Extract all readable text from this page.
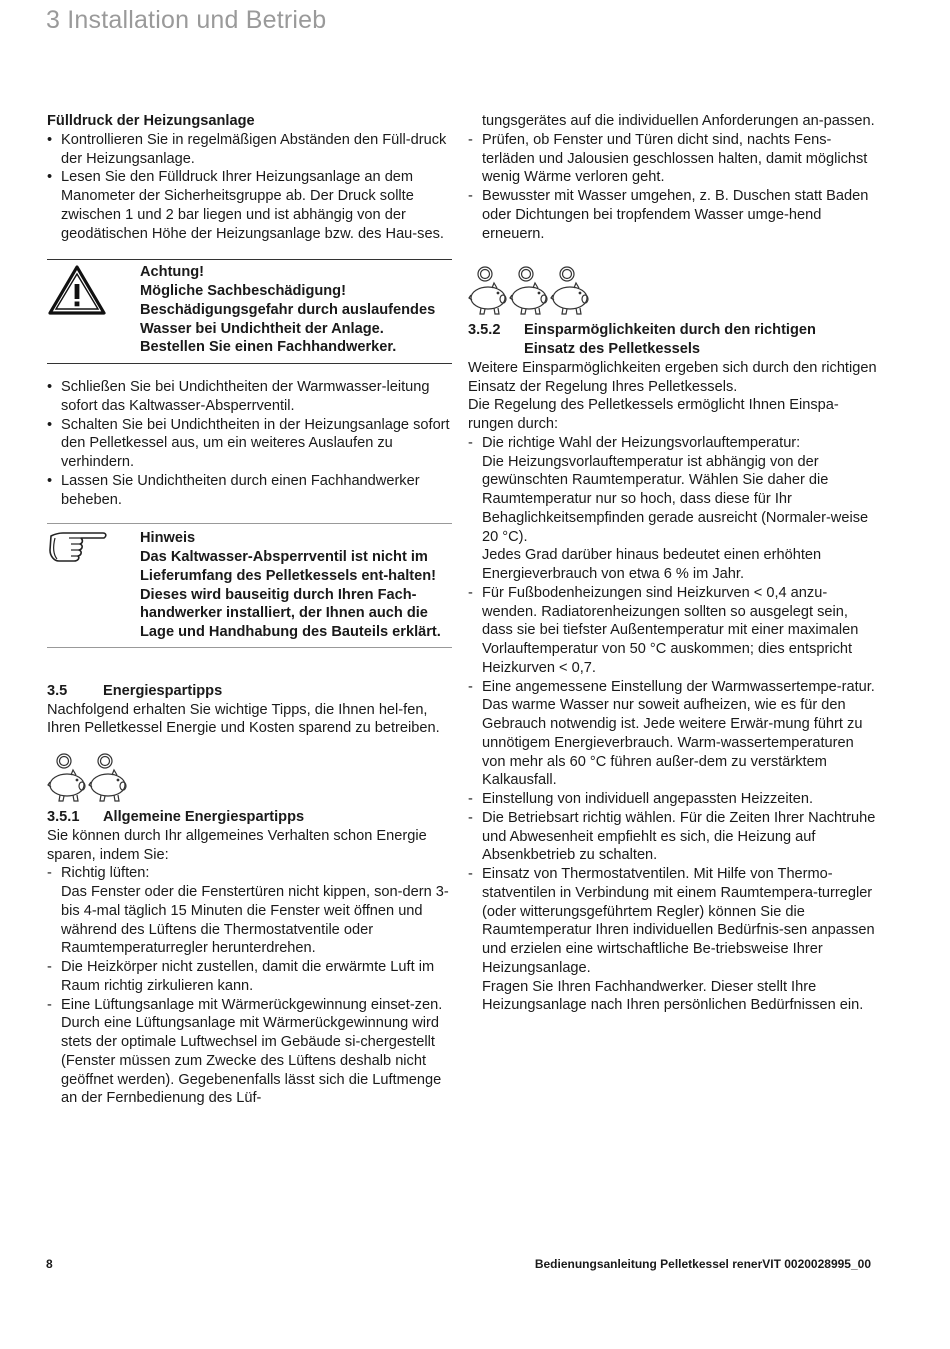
3 Installation und Betrieb

Fülldruck der Heizungsanlage

• Kontrollieren Sie in regelmäßigen Abständen den Füll-druck der Heizungsanlage.
• Lesen Sie den Fülldruck Ihrer Heizungsanlage an dem Manometer der Sicherheitsgruppe ab. Der Druck sollte zwischen 1 und 2 bar liegen und ist abhängig von der geodätischen Höhe der Heizungsanlage bzw. des Hau-ses.

Achtung!

Mögliche Sachbeschädigung!

Beschädigungsgefahr durch auslaufendes Wasser bei Undichtheit der Anlage. Bestellen Sie einen Fachhandwerker.

• Schließen Sie bei Undichtheiten der Warmwasser-leitung sofort das Kaltwasser-Absperrventil.
• Schalten Sie bei Undichtheiten in der Heizungsanlage sofort den Pelletkessel aus, um ein weiteres Auslaufen zu verhindern.
• Lassen Sie Undichtheiten durch einen Fachhandwerker beheben.

Hinweis

Das Kaltwasser-Absperrventil ist nicht im Lieferumfang des Pelletkessels ent-halten!

Dieses wird bauseitig durch Ihren Fach-handwerker installiert, der Ihnen auch die Lage und Handhabung des Bauteils erklärt.

3.5 Energiespartipps

Nachfolgend erhalten Sie wichtige Tipps, die Ihnen hel-fen, Ihren Pelletkessel Energie und Kosten sparend zu betreiben.

3.5.1 Allgemeine Energiespartipps

Sie können durch Ihr allgemeines Verhalten schon Energie sparen, indem Sie:

- Richtig lüften:
Das Fenster oder die Fenstertüren nicht kippen, son-dern 3- bis 4-mal täglich 15 Minuten die Fenster weit öffnen und während des Lüftens die Thermostatventile oder Raumtemperaturregler herunterdrehen.
- Die Heizkörper nicht zustellen, damit die erwärmte Luft im Raum richtig zirkulieren kann.
- Eine Lüftungsanlage mit Wärmerückgewinnung einset-zen.
Durch eine Lüftungsanlage mit Wärmerückgewinnung wird stets der optimale Luftwechsel im Gebäude si-chergestellt (Fenster müssen zum Zwecke des Lüftens deshalb nicht geöffnet werden). Gegebenenfalls lässt sich die Luftmenge an der Fernbedienung des Lüf-

tungsgerätes auf die individuellen Anforderungen an-passen.

- Prüfen, ob Fenster und Türen dicht sind, nachts Fens-terläden und Jalousien geschlossen halten, damit möglichst wenig Wärme verloren geht.
- Bewusster mit Wasser umgehen, z. B. Duschen statt Baden oder Dichtungen bei tropfendem Wasser umge-hend erneuern.
3.5.2 Einsparmöglichkeiten durch den richtigen
Einsatz des Pelletkessels

Weitere Einsparmöglichkeiten ergeben sich durch den richtigen Einsatz der Regelung Ihres Pelletkessels.

Die Regelung des Pelletkessels ermöglicht Ihnen Einspa-rungen durch:

- Die richtige Wahl der Heizungsvorlauftemperatur:
Die Heizungsvorlauftemperatur ist abhängig von der gewünschten Raumtemperatur. Wählen Sie daher die Raumtemperatur nur so hoch, dass diese für Ihr Behaglichkeitsempfinden gerade ausreicht (Normaler-weise 20 °C).
Jedes Grad darüber hinaus bedeutet einen erhöhten Energieverbrauch von etwa 6 % im Jahr.
- Für Fußbodenheizungen sind Heizkurven < 0,4 anzu-wenden. Radiatorenheizungen sollten so ausgelegt sein, dass sie bei tiefster Außentemperatur mit einer maximalen Vorlauftemperatur von 50 °C auskommen; dies entspricht Heizkurven < 0,7.
- Eine angemessene Einstellung der Warmwassertempe-ratur. Das warme Wasser nur soweit aufheizen, wie es für den Gebrauch notwendig ist. Jede weitere Erwär-mung führt zu unnötigem Energieverbrauch. Warm-wassertemperaturen von mehr als 60 °C führen außer-dem zu verstärktem Kalkausfall.
- Einstellung von individuell angepassten Heizzeiten.
- Die Betriebsart richtig wählen. Für die Zeiten Ihrer Nachtruhe und Abwesenheit empfiehlt es sich, die Heizung auf Absenkbetrieb zu schalten.
- Einsatz von Thermostatventilen. Mit Hilfe von Thermo-statventilen in Verbindung mit einem Raumtempera-turregler (oder witterungsgeführtem Regler) können Sie die Raumtemperatur Ihren individuellen Bedürfnis-sen anpassen und erzielen eine wirtschaftliche Be-triebsweise Ihrer Heizungsanlage.
Fragen Sie Ihren Fachhandwerker. Dieser stellt Ihre Heizungsanlage nach Ihren persönlichen Bedürfnissen ein.
8	Bedienungsanleitung Pelletkessel renerVIT 0020028995_00
